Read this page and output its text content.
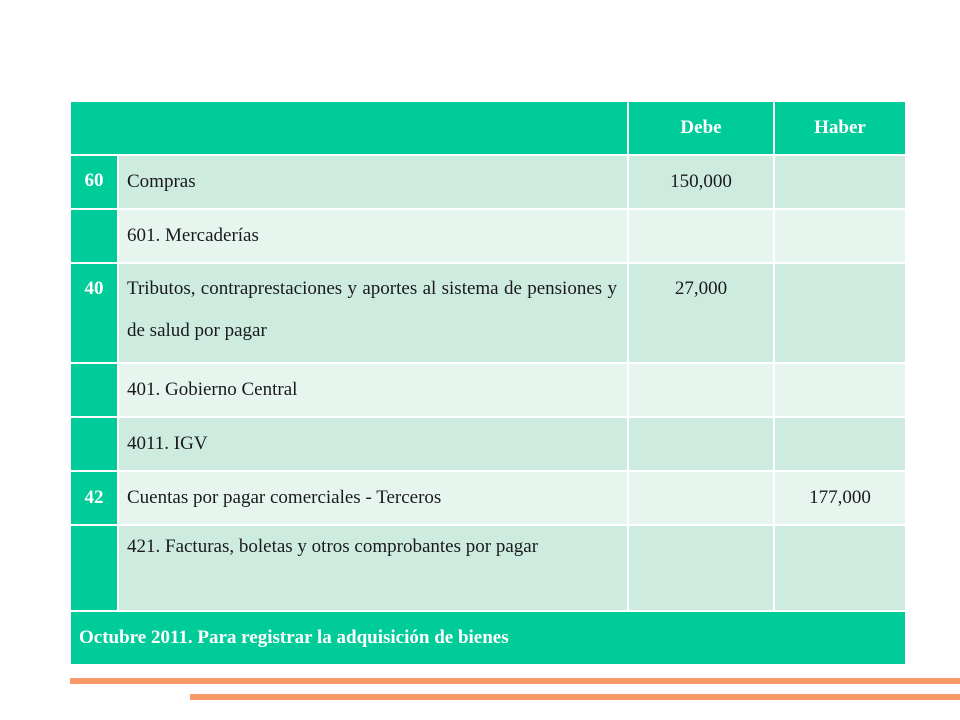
		Debe	Haber
60	Compras	150,000	
	601. Mercaderías		
40	Tributos, contraprestaciones y aportes al sistema de pensiones y de salud por pagar	27,000	
	401. Gobierno Central		
	4011. IGV		
42	Cuentas por pagar comerciales - Terceros		177,000
	421. Facturas, boletas y otros comprobantes por pagar		
Octubre 2011. Para registrar la adquisición de bienes			
